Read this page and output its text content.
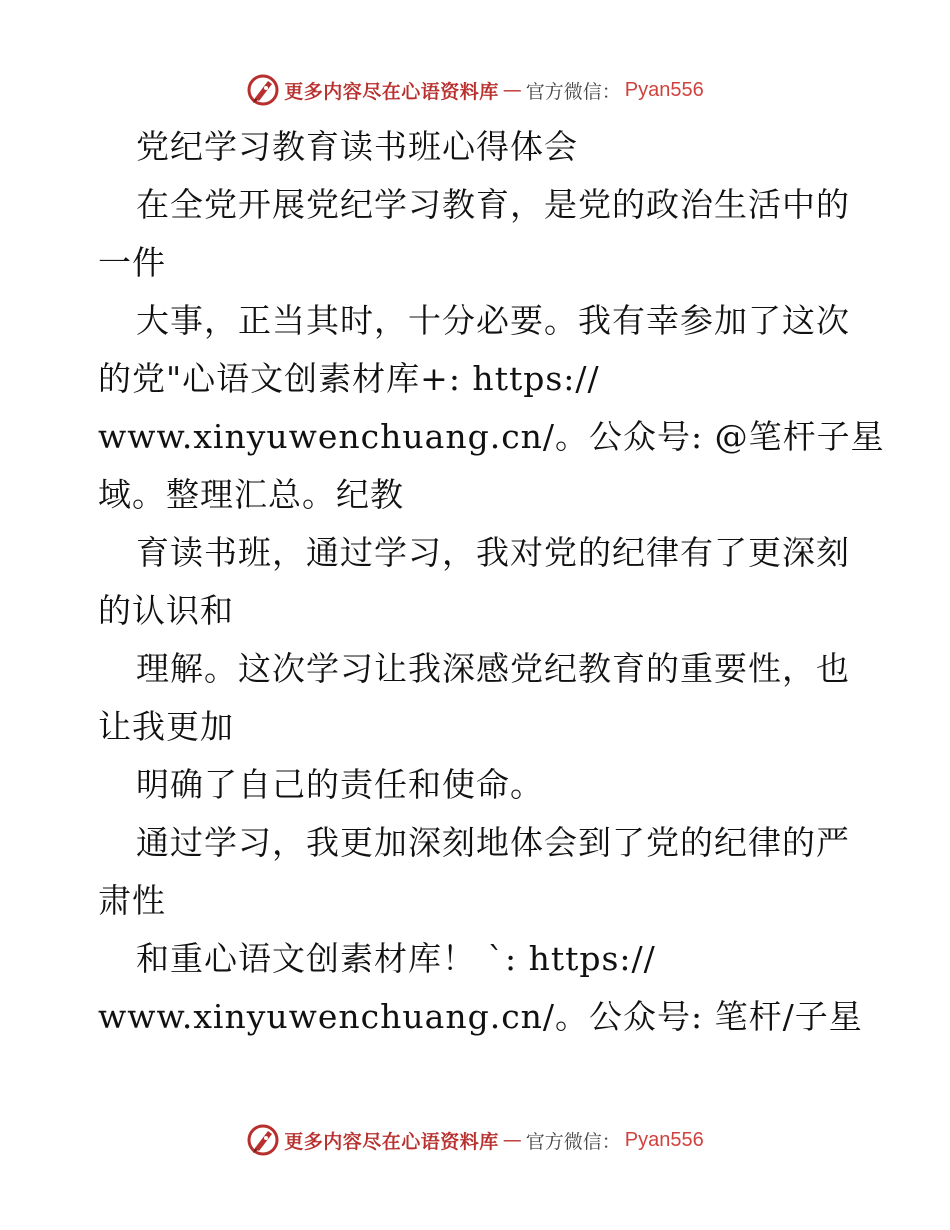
更多内容尽在心语资料库 — 官方微信： Pyan556
党纪学习教育读书班心得体会
在全党开展党纪学习教育，是党的政治生活中的
一件
大事，正当其时，十分必要。我有幸参加了这次
的党"心语文创素材库+: https://
www.xinyuwenchuang.cn/。公众号: @笔杆子星
域。整理汇总。纪教
育读书班，通过学习，我对党的纪律有了更深刻
的认识和
理解。这次学习让我深感党纪教育的重要性，也
让我更加
明确了自己的责任和使命。
通过学习，我更加深刻地体会到了党的纪律的严
肃性
和重心语文创素材库！ `: https://
www.xinyuwenchuang.cn/。公众号: 笔杆/子星
更多内容尽在心语资料库 — 官方微信： Pyan556
